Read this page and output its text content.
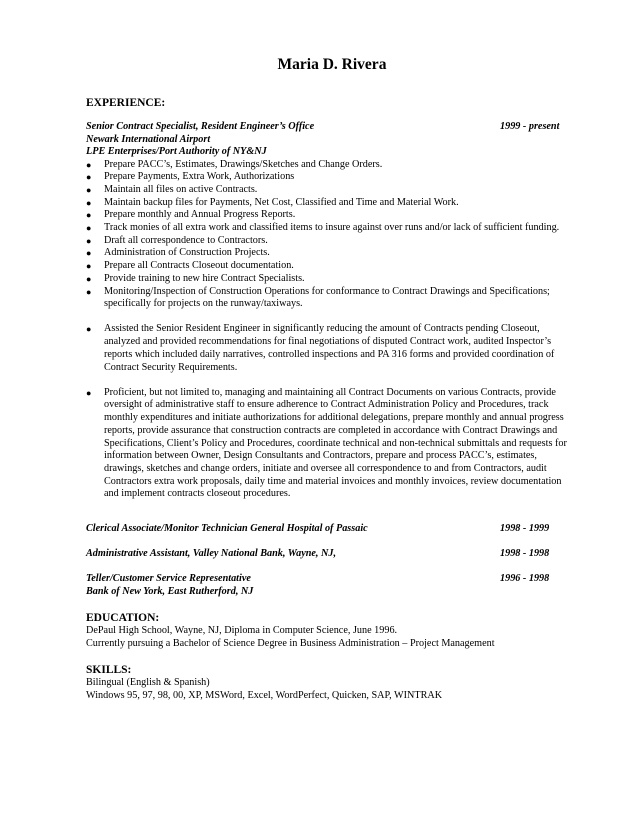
Maria D. Rivera
EXPERIENCE:
Senior Contract Specialist, Resident Engineer’s Office	1999 - present
Newark International Airport
LPE Enterprises/Port Authority of NY&NJ
● Prepare PACC’s, Estimates, Drawings/Sketches and Change Orders.
● Prepare Payments, Extra Work, Authorizations
● Maintain all files on active Contracts.
● Maintain backup files for Payments, Net Cost, Classified and Time and Material Work.
● Prepare monthly and Annual Progress Reports.
● Track monies of all extra work and classified items to insure against over runs and/or lack of sufficient funding.
● Draft all correspondence to Contractors.
● Administration of Construction Projects.
● Prepare all Contracts Closeout documentation.
● Provide training to new hire Contract Specialists.
● Monitoring/Inspection of Construction Operations for conformance to Contract Drawings and Specifications; specifically for projects on the runway/taxiways.
● Assisted the Senior Resident Engineer in significantly reducing the amount of Contracts pending Closeout, analyzed and provided recommendations for final negotiations of disputed Contract work, audited Inspector’s reports which included daily narratives, controlled inspections and PA 316 forms and provided coordination of Contract Security Requirements.
● Proficient, but not limited to, managing and maintaining all Contract Documents on various Contracts, provide oversight of administrative staff to ensure adherence to Contract Administration Policy and Procedures, track monthly expenditures and initiate authorizations for additional delegations, prepare monthly and annual progress reports, provide assurance that construction contracts are completed in accordance with Contract Drawings and Specifications, Client’s Policy and Procedures, coordinate technical and non-technical submittals and requests for information between Owner, Design Consultants and Contractors, prepare and process PACC’s, estimates, drawings, sketches and change orders, initiate and oversee all correspondence to and from Contractors, audit Contractors extra work proposals, daily time and material invoices and monthly invoices, review documentation and implement contracts closeout procedures.
Clerical Associate/Monitor Technician General Hospital of Passaic	1998 - 1999
Administrative Assistant, Valley National Bank, Wayne, NJ,	1998 - 1998
Teller/Customer Service Representative	1996 - 1998
Bank of New York, East Rutherford, NJ
EDUCATION:
DePaul High School, Wayne, NJ, Diploma in Computer Science, June 1996.
Currently pursuing a Bachelor of Science Degree in Business Administration – Project Management
SKILLS:
Bilingual (English & Spanish)
Windows 95, 97, 98, 00, XP, MSWord, Excel, WordPerfect, Quicken, SAP, WINTRAK
